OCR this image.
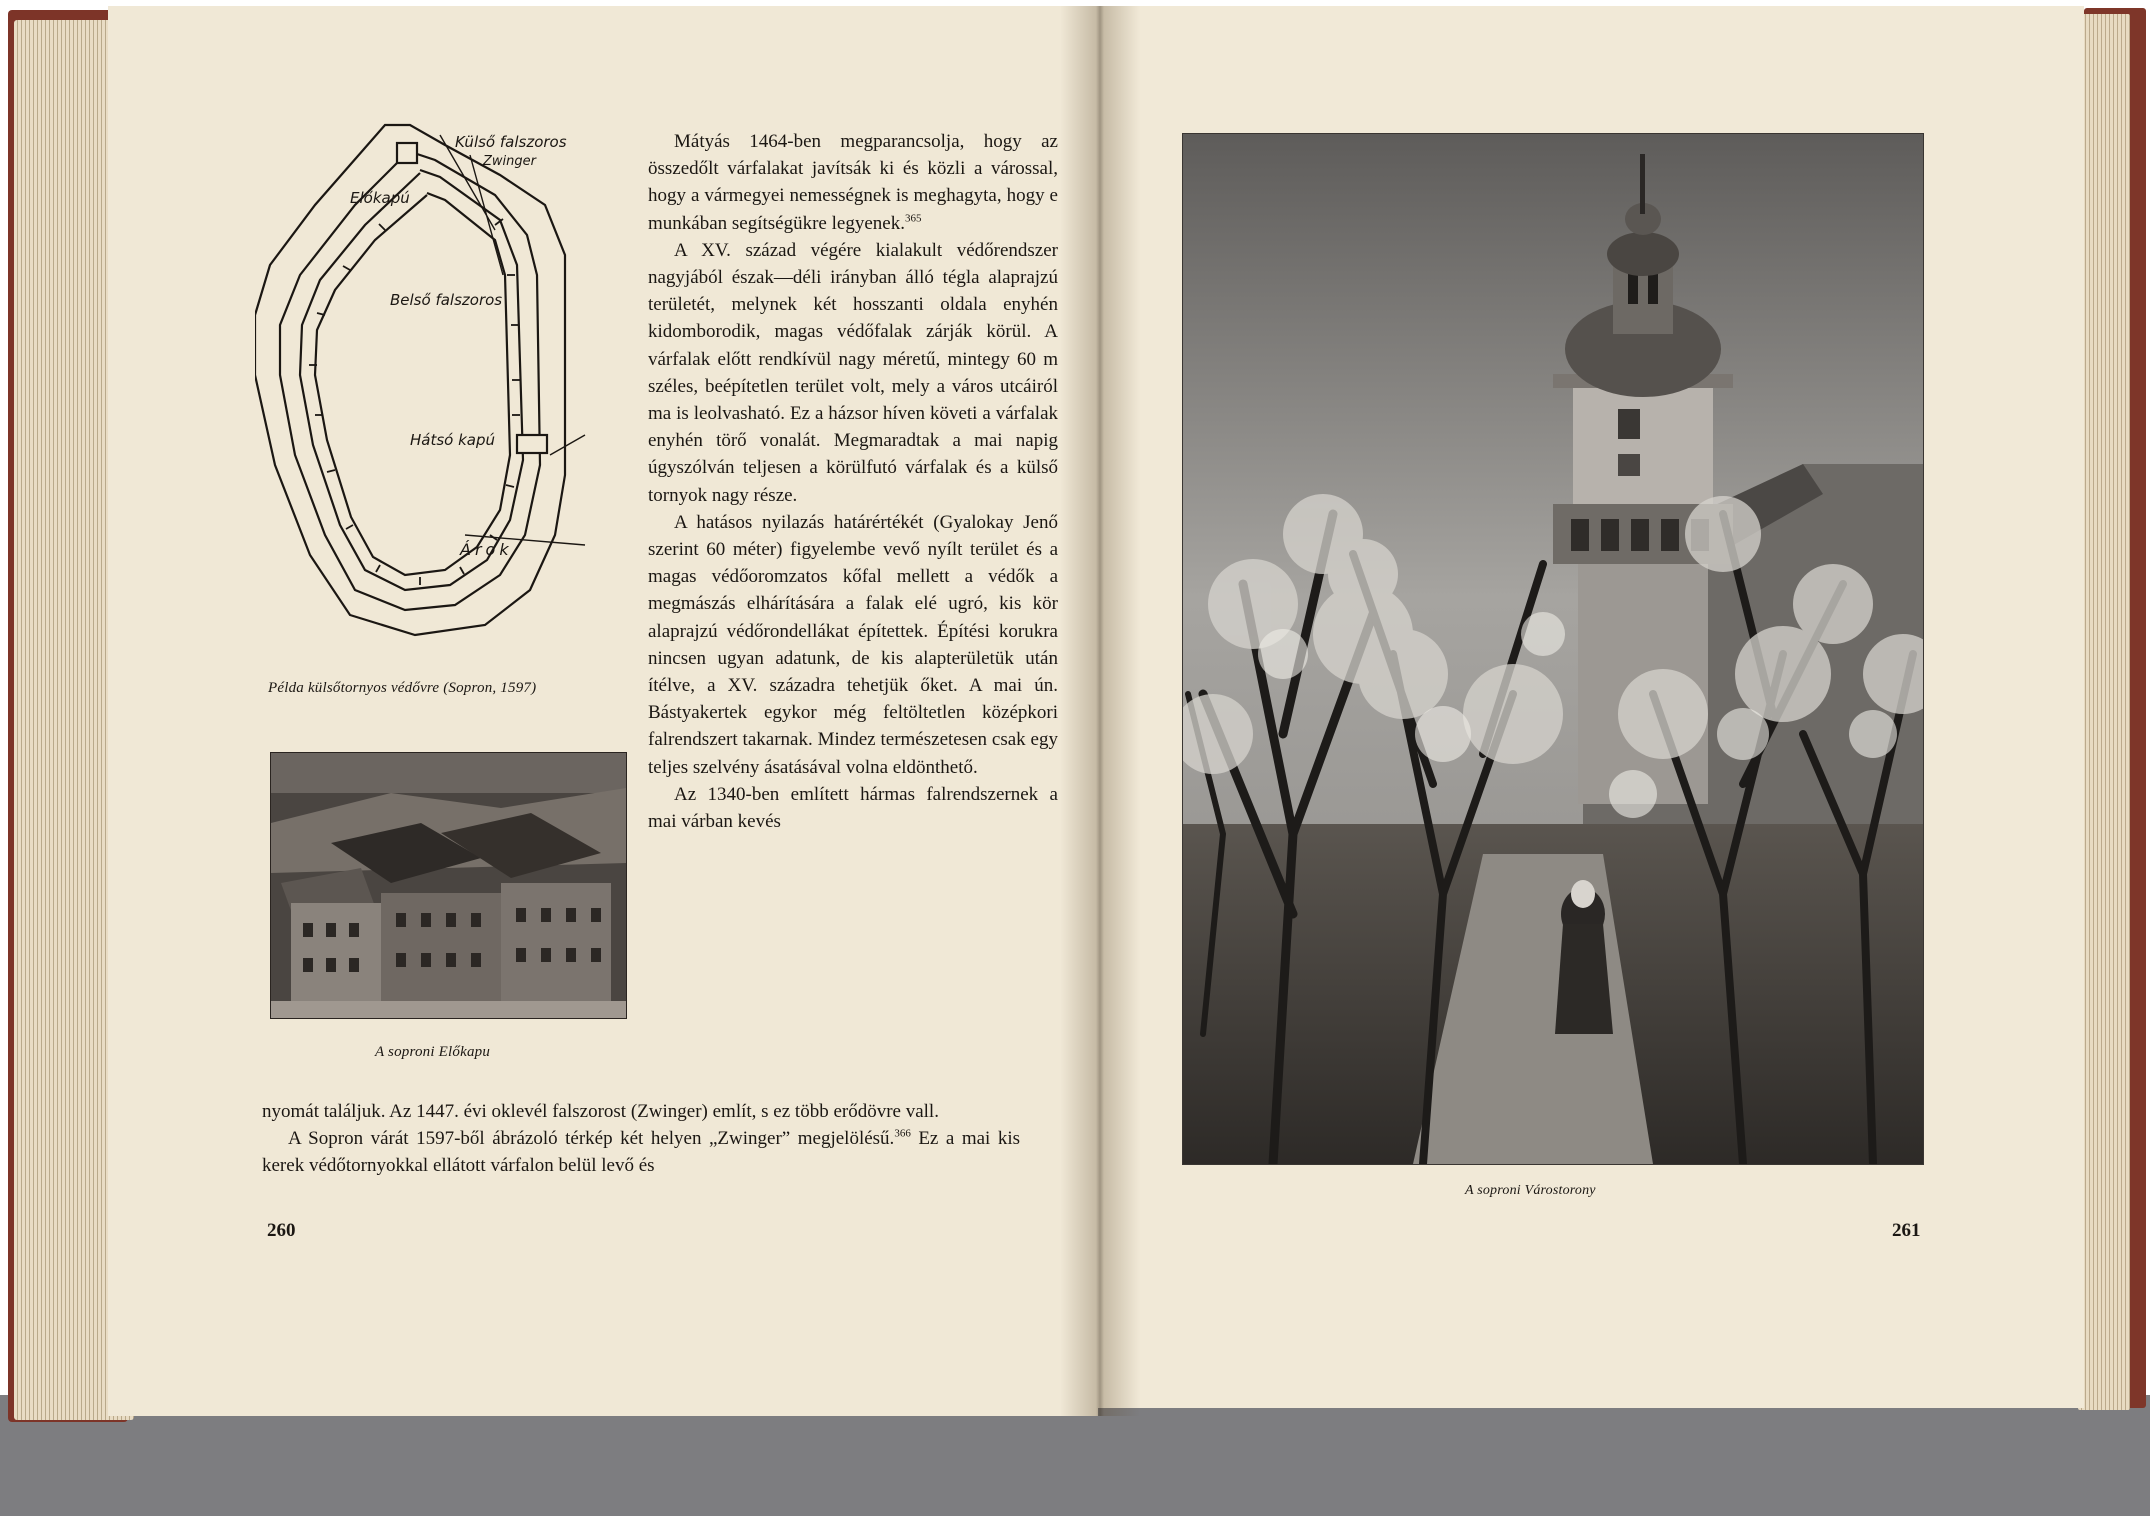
Külső falszoros
Zwinger
Előkapú
Belső falszoros
Hátsó kapú
Árok
Példa külsőtornyos védővre (Sopron, 1597)
A soproni Előkapu

Mátyás 1464-ben megparancsolja, hogy az összedőlt várfalakat javítsák ki és közli a várossal, hogy a vármegyei nemességnek is meghagyta, hogy e munkában segítségükre legyenek.$^{365}$

A XV. század végére kialakult védőrendszer nagyjából észak—déli irányban álló tégla alaprajzú területét, melynek két hosszanti oldala enyhén kidomborodik, magas védőfalak zárják körül. A várfalak előtt rendkívül nagy méretű, mintegy 60 m széles, beépítetlen terület volt, mely a város utcáiról ma is leolvasható. Ez a házsor híven követi a várfalak enyhén törő vonalát. Megmaradtak a mai napig úgyszólván teljesen a körülfutó várfalak és a külső tornyok nagy része.

A hatásos nyilazás határértékét (Gyalokay Jenő szerint 60 méter) figyelembe vevő nyílt terület és a magas védőoromzatos kőfal mellett a védők a megmászás elhárítására a falak elé ugró, kis kör alaprajzú védőrondellákat építettek. Építési korukra nincsen ugyan adatunk, de kis alapterületük után ítélve, a XV. századra tehetjük őket. A mai ún. Bástyakertek egykor még feltöltetlen középkori falrendszert takarnak. Mindez természetesen csak egy teljes szelvény ásatásával volna eldönthető.

Az 1340-ben említett hármas falrendszernek a mai várban kevés

nyomát találjuk. Az 1447. évi oklevél falszorost (Zwinger) említ, s ez több erődövre vall.

A Sopron várát 1597-ből ábrázoló térkép két helyen „Zwinger” megjelölésű.$^{366}$ Ez a mai kis kerek védőtornyokkal ellátott várfalon belül levő és

260
A soproni Várostorony
261
